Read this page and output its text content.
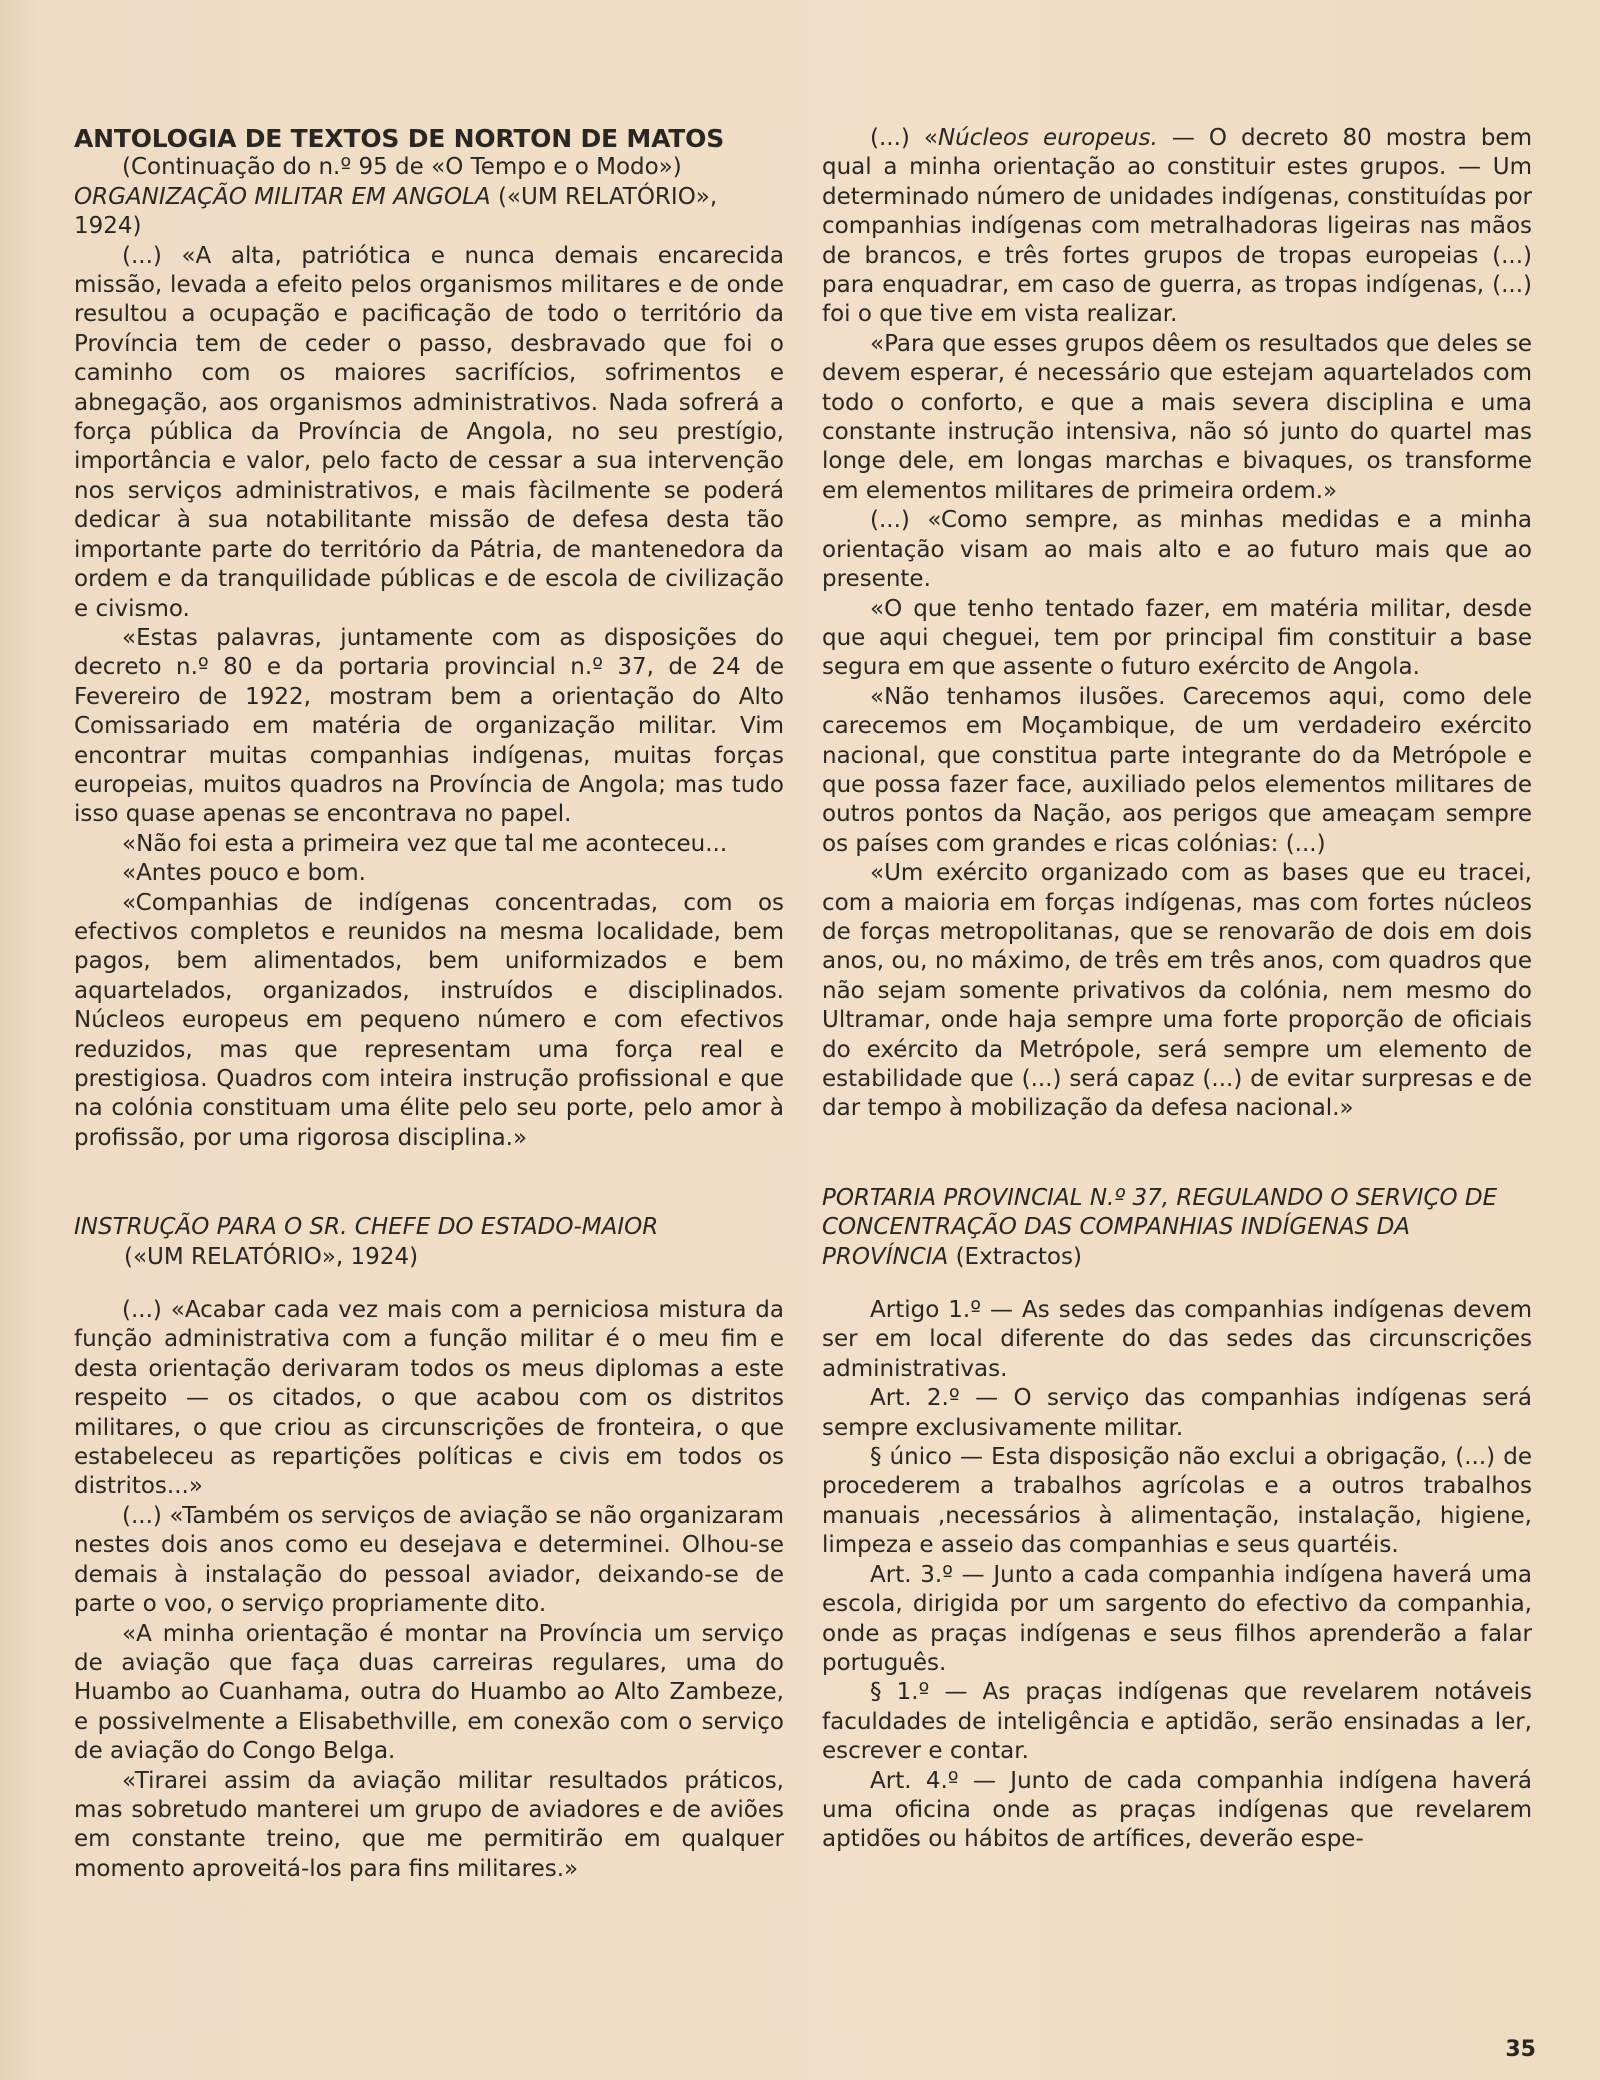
ANTOLOGIA DE TEXTOS DE NORTON DE MATOS

(Continuação do n.º 95 de «O Tempo e o Modo»)

ORGANIZAÇÃO MILITAR EM ANGOLA («UM RELATÓRIO», 1924)

(...) «A alta, patriótica e nunca demais encarecida missão, levada a efeito pelos organismos militares e de onde resultou a ocupação e pacificação de todo o território da Província tem de ceder o passo, desbravado que foi o caminho com os maiores sacrifícios, sofrimentos e abnegação, aos organismos administrativos. Nada sofrerá a força pública da Província de Angola, no seu prestígio, importância e valor, pelo facto de cessar a sua intervenção nos serviços administrativos, e mais fàcilmente se poderá dedicar à sua notabilitante missão de defesa desta tão importante parte do território da Pátria, de mantenedora da ordem e da tranquilidade públicas e de escola de civilização e civismo.

«Estas palavras, juntamente com as disposições do decreto n.º 80 e da portaria provincial n.º 37, de 24 de Fevereiro de 1922, mostram bem a orientação do Alto Comissariado em matéria de organização militar. Vim encontrar muitas companhias indígenas, muitas forças europeias, muitos quadros na Província de Angola; mas tudo isso quase apenas se encontrava no papel.

«Não foi esta a primeira vez que tal me aconteceu...

«Antes pouco e bom.

«Companhias de indígenas concentradas, com os efectivos completos e reunidos na mesma localidade, bem pagos, bem alimentados, bem uniformizados e bem aquartelados, organizados, instruídos e disciplinados. Núcleos europeus em pequeno número e com efectivos reduzidos, mas que representam uma força real e prestigiosa. Quadros com inteira instrução profissional e que na colónia constituam uma élite pelo seu porte, pelo amor à profissão, por uma rigorosa disciplina.»

INSTRUÇÃO PARA O SR. CHEFE DO ESTADO-MAIOR
(«UM RELATÓRIO», 1924)

(...) «Acabar cada vez mais com a perniciosa mistura da função administrativa com a função militar é o meu fim e desta orientação derivaram todos os meus diplomas a este respeito — os citados, o que acabou com os distritos militares, o que criou as circunscrições de fronteira, o que estabeleceu as repartições políticas e civis em todos os distritos...»

(...) «Também os serviços de aviação se não organizaram nestes dois anos como eu desejava e determinei. Olhou-se demais à instalação do pessoal aviador, deixando-se de parte o voo, o serviço propriamente dito.

«A minha orientação é montar na Província um serviço de aviação que faça duas carreiras regulares, uma do Huambo ao Cuanhama, outra do Huambo ao Alto Zambeze, e possivelmente a Elisabethville, em conexão com o serviço de aviação do Congo Belga.

«Tirarei assim da aviação militar resultados práticos, mas sobretudo manterei um grupo de aviadores e de aviões em constante treino, que me permitirão em qualquer momento aproveitá-los para fins militares.»

(...) «Núcleos europeus. — O decreto 80 mostra bem qual a minha orientação ao constituir estes grupos. — Um determinado número de unidades indígenas, constituídas por companhias indígenas com metralhadoras ligeiras nas mãos de brancos, e três fortes grupos de tropas europeias (...) para enquadrar, em caso de guerra, as tropas indígenas, (...) foi o que tive em vista realizar.

«Para que esses grupos dêem os resultados que deles se devem esperar, é necessário que estejam aquartelados com todo o conforto, e que a mais severa disciplina e uma constante instrução intensiva, não só junto do quartel mas longe dele, em longas marchas e bivaques, os transforme em elementos militares de primeira ordem.»

(...) «Como sempre, as minhas medidas e a minha orientação visam ao mais alto e ao futuro mais que ao presente.

«O que tenho tentado fazer, em matéria militar, desde que aqui cheguei, tem por principal fim constituir a base segura em que assente o futuro exército de Angola.

«Não tenhamos ilusões. Carecemos aqui, como dele carecemos em Moçambique, de um verdadeiro exército nacional, que constitua parte integrante do da Metrópole e que possa fazer face, auxiliado pelos elementos militares de outros pontos da Nação, aos perigos que ameaçam sempre os países com grandes e ricas colónias: (...)

«Um exército organizado com as bases que eu tracei, com a maioria em forças indígenas, mas com fortes núcleos de forças metropolitanas, que se renovarão de dois em dois anos, ou, no máximo, de três em três anos, com quadros que não sejam somente privativos da colónia, nem mesmo do Ultramar, onde haja sempre uma forte proporção de oficiais do exército da Metrópole, será sempre um elemento de estabilidade que (...) será capaz (...) de evitar surpresas e de dar tempo à mobilização da defesa nacional.»

PORTARIA PROVINCIAL N.º 37, REGULANDO O SERVIÇO DE CONCENTRAÇÃO DAS COMPANHIAS INDÍGENAS DA PROVÍNCIA (Extractos)

Artigo 1.º — As sedes das companhias indígenas devem ser em local diferente do das sedes das circunscrições administrativas.

Art. 2.º — O serviço das companhias indígenas será sempre exclusivamente militar.

§ único — Esta disposição não exclui a obrigação, (...) de procederem a trabalhos agrícolas e a outros trabalhos manuais ,necessários à alimentação, instalação, higiene, limpeza e asseio das companhias e seus quartéis.

Art. 3.º — Junto a cada companhia indígena haverá uma escola, dirigida por um sargento do efectivo da companhia, onde as praças indígenas e seus filhos aprenderão a falar português.

§ 1.º — As praças indígenas que revelarem notáveis faculdades de inteligência e aptidão, serão ensinadas a ler, escrever e contar.

Art. 4.º — Junto de cada companhia indígena haverá uma oficina onde as praças indígenas que revelarem aptidões ou hábitos de artífices, deverão espe-

35
